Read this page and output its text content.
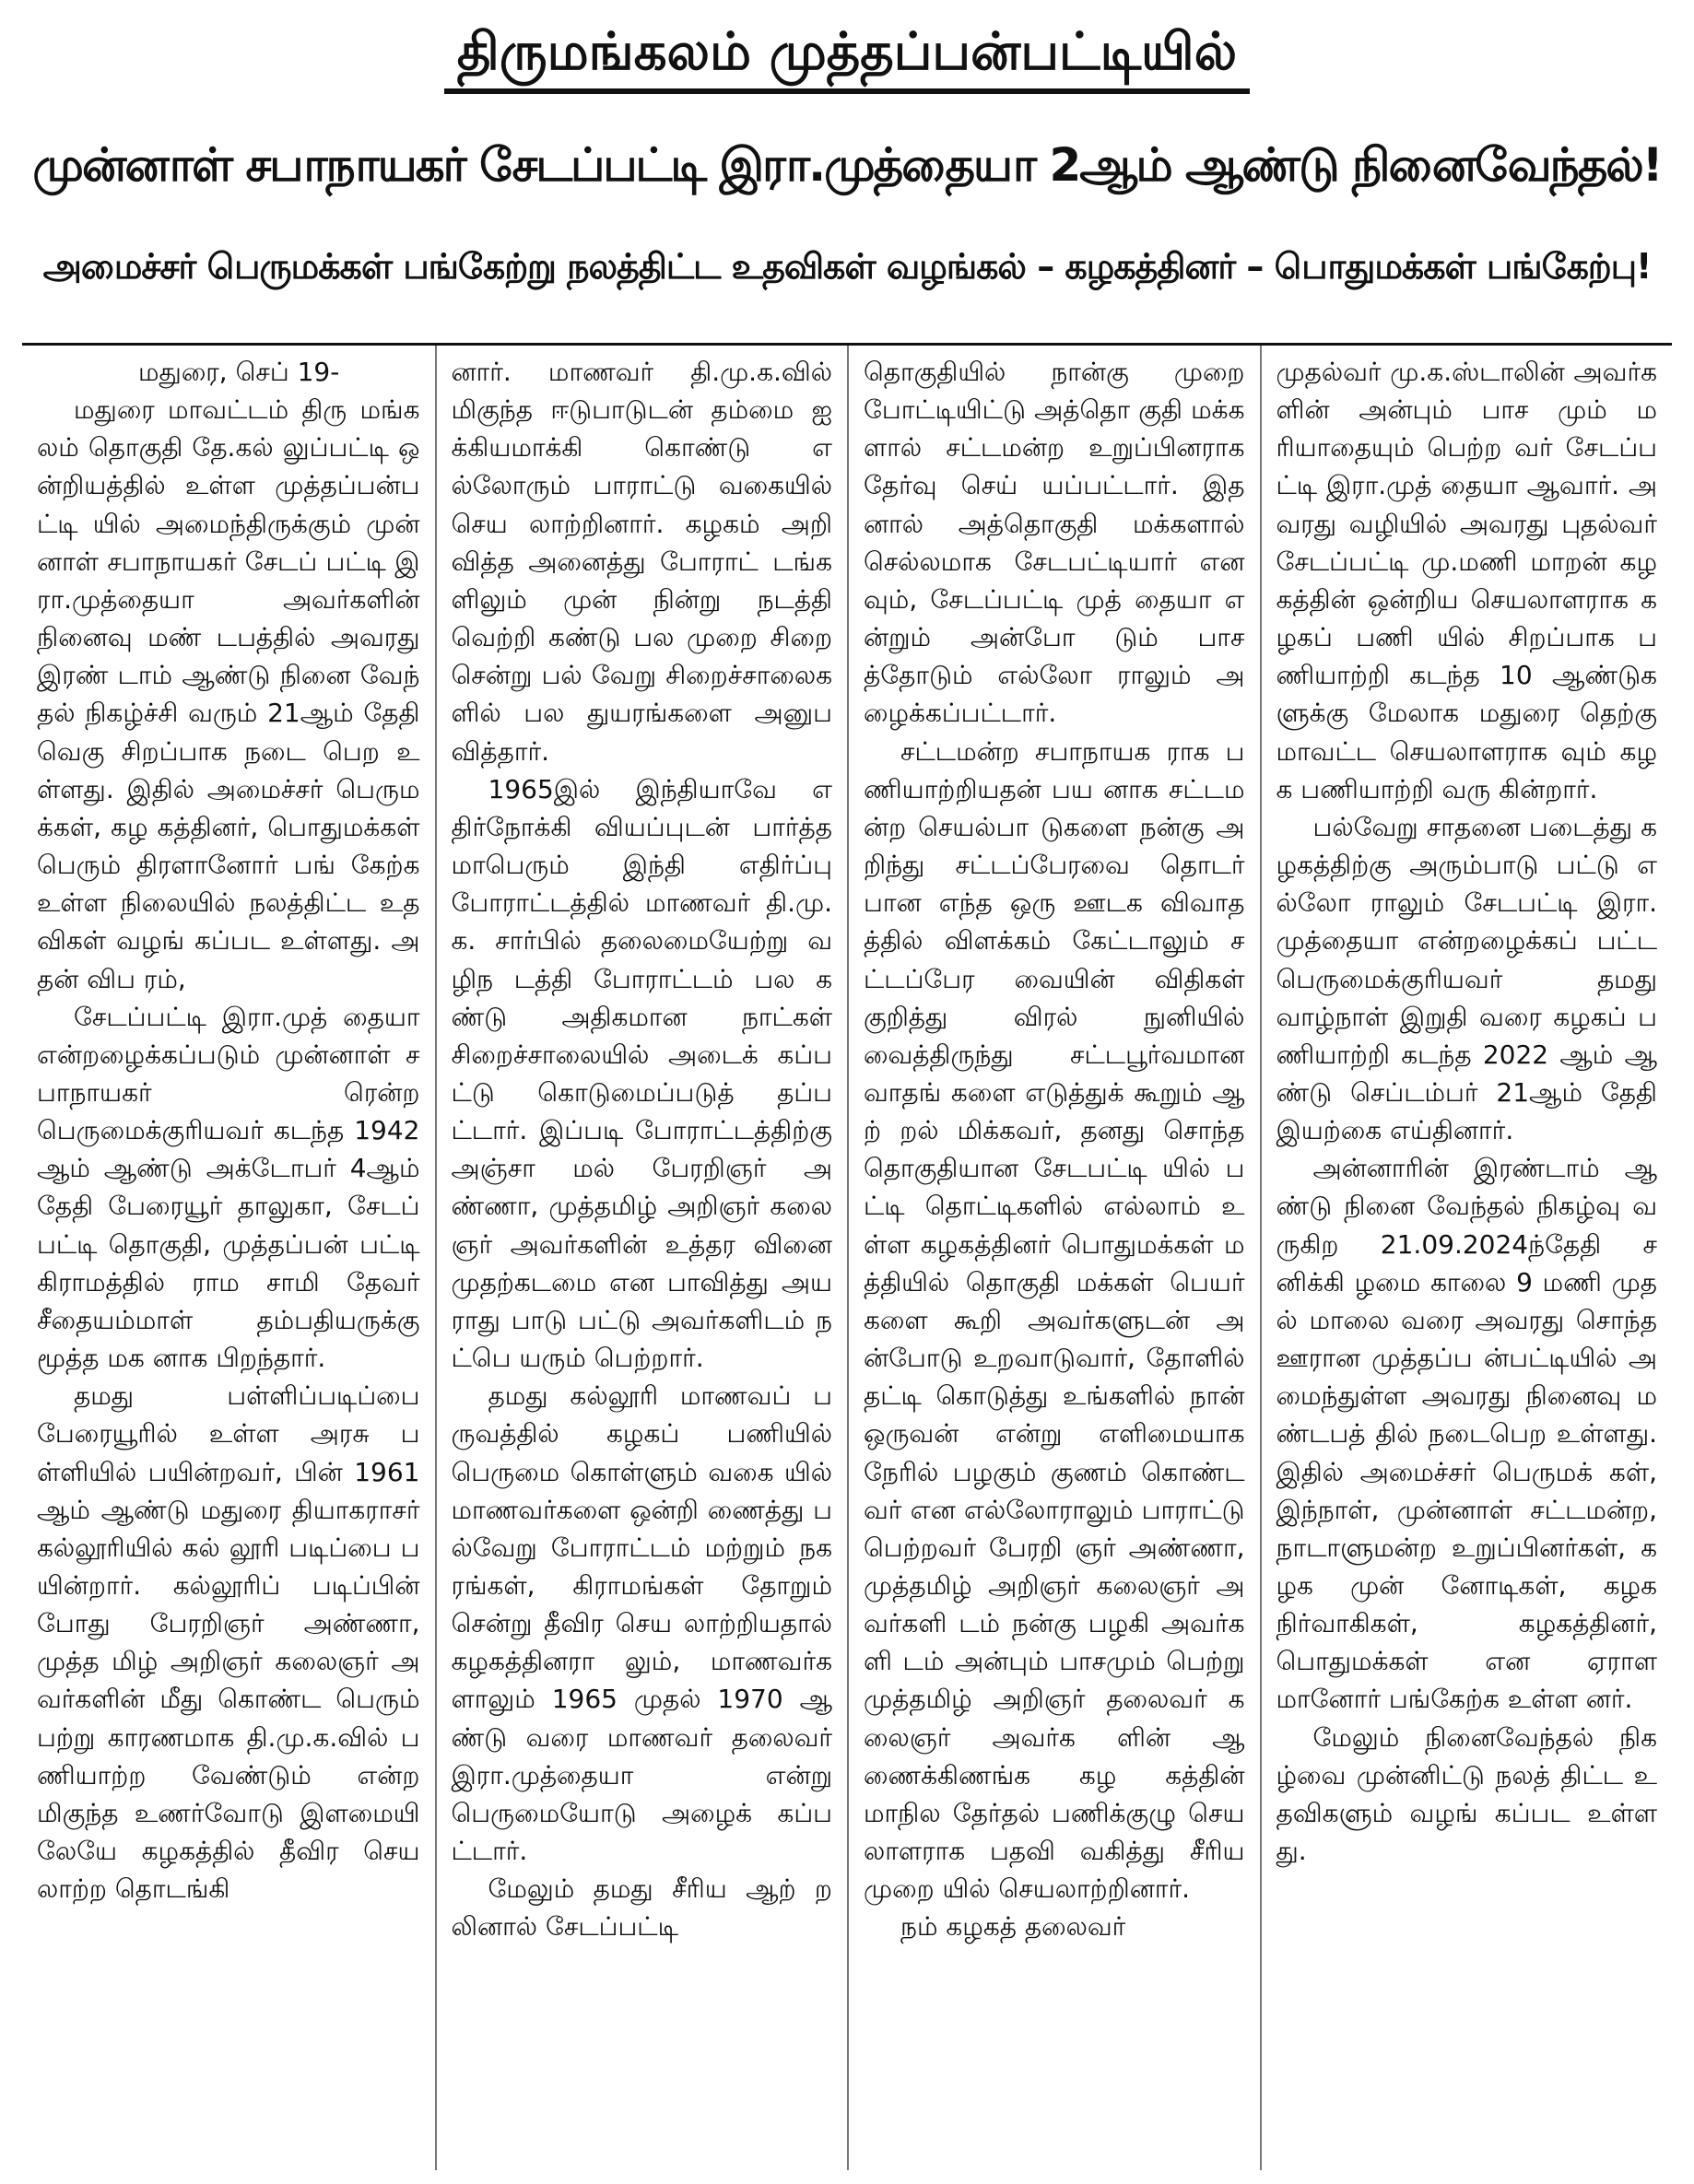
திருமங்கலம் முத்தப்பன்பட்டியில்
முன்னாள் சபாநாயகர் சேடப்பட்டி இரா.முத்தையா 2ஆம் ஆண்டு நினைவேந்தல்!
அமைச்சர் பெருமக்கள் பங்கேற்று நலத்திட்ட உதவிகள் வழங்கல் – கழகத்தினர் – பொதுமக்கள் பங்கேற்பு!

மதுரை, செப் 19-

மதுரை மாவட்டம் திரு மங்கலம் தொகுதி தே.கல் லுப்பட்டி ஒன்றியத்தில் உள்ள முத்தப்பன்பட்டி யில் அமைந்திருக்கும் முன் னாள் சபாநாயகர் சேடப் பட்டி இரா.முத்தையா அவர்களின் நினைவு மண் டபத்தில் அவரது இரண் டாம் ஆண்டு நினை வேந் தல் நிகழ்ச்சி வரும் 21ஆம் தேதி வெகு சிறப்பாக நடை பெற உள்ளது. இதில் அமைச்சர் பெருமக்கள், கழ கத்தினர், பொதுமக்கள் பெரும் திரளானோர் பங் கேற்க உள்ள நிலையில் நலத்திட்ட உதவிகள் வழங் கப்பட உள்ளது. அதன் விப ரம்,

சேடப்பட்டி இரா.முத் தையா என்றழைக்கப்படும் முன்னாள் சபாநாயகர் ரென்ற பெருமைக்குரியவர் கடந்த 1942 ஆம் ஆண்டு அக்டோபர் 4ஆம் தேதி பேரையூர் தாலுகா, சேடப் பட்டி தொகுதி, முத்தப்பன் பட்டி கிராமத்தில் ராம சாமி தேவர் சீதையம்மாள் தம்பதியருக்கு மூத்த மக னாக பிறந்தார்.

தமது பள்ளிப்படிப்பை பேரையூரில் உள்ள அரசு பள்ளியில் பயின்றவர், பின் 1961 ஆம் ஆண்டு மதுரை தியாகராசர் கல்லூரியில் கல் லூரி படிப்பை பயின்றார். கல்லூரிப் படிப்பின் போது பேரறிஞர் அண்ணா, முத்த மிழ் அறிஞர் கலைஞர் அவர்களின் மீது கொண்ட பெரும் பற்று காரணமாக தி.மு.க.வில் பணியாற்ற வேண்டும் என்ற மிகுந்த உணர்வோடு இளமையி லேயே கழகத்தில் தீவிர செயலாற்ற தொடங்கி

னார். மாணவர் தி.மு.க.வில் மிகுந்த ஈடுபாடுடன் தம்மை ஐக்கியமாக்கி கொண்டு எல்லோரும் பாராட்டு வகையில் செய லாற்றினார். கழகம் அறி வித்த அனைத்து போராட் டங்களிலும் முன் நின்று நடத்தி வெற்றி கண்டு பல முறை சிறை சென்று பல் வேறு சிறைச்சாலைகளில் பல துயரங்களை அனுப வித்தார்.

1965இல் இந்தியாவே எதிர்நோக்கி வியப்புடன் பார்த்த மாபெரும் இந்தி எதிர்ப்பு போராட்டத்தில் மாணவர் தி.மு.க. சார்பில் தலைமையேற்று வழிந டத்தி போராட்டம் பல கண்டு அதிகமான நாட்கள் சிறைச்சாலையில் அடைக் கப்பட்டு கொடுமைப்படுத் தப்பட்டார். இப்படி போராட்டத்திற்கு அஞ்சா மல் பேரறிஞர் அண்ணா, முத்தமிழ் அறிஞர் கலை ஞர் அவர்களின் உத்தர வினை முதற்கடமை என பாவித்து அயராது பாடு பட்டு அவர்களிடம் நட்பெ யரும் பெற்றார்.

தமது கல்லூரி மாணவப் பருவத்தில் கழகப் பணியில் பெருமை கொள்ளும் வகை யில் மாணவர்களை ஒன்றி ணைத்து பல்வேறு போராட்டம் மற்றும் நக ரங்கள், கிராமங்கள் தோறும் சென்று தீவிர செய லாற்றியதால் கழகத்தினரா லும், மாணவர்களாலும் 1965 முதல் 1970 ஆண்டு வரை மாணவர் தலைவர் இரா.முத்தையா என்று பெருமையோடு அழைக் கப்பட்டார்.

மேலும் தமது சீரிய ஆற் றலினால் சேடப்பட்டி

தொகுதியில் நான்கு முறை போட்டியிட்டு அத்தொ குதி மக்களால் சட்டமன்ற உறுப்பினராக தேர்வு செய் யப்பட்டார். இதனால் அத்தொகுதி மக்களால் செல்லமாக சேடபட்டியார் எனவும், சேடப்பட்டி முத் தையா என்றும் அன்போ டும் பாசத்தோடும் எல்லோ ராலும் அழைக்கப்பட்டார்.

சட்டமன்ற சபாநாயக ராக பணியாற்றியதன் பய னாக சட்டமன்ற செயல்பா டுகளை நன்கு அறிந்து சட்டப்பேரவை தொடர் பான எந்த ஒரு ஊடக விவாதத்தில் விளக்கம் கேட்டாலும் சட்டப்பேர வையின் விதிகள் குறித்து விரல் நுனியில் வைத்திருந்து சட்டபூர்வமான வாதங் களை எடுத்துக் கூறும் ஆற் றல் மிக்கவர், தனது சொந்த தொகுதியான சேடபட்டி யில் பட்டி தொட்டிகளில் எல்லாம் உள்ள கழகத்தினர் பொதுமக்கள் மத்தியில் தொகுதி மக்கள் பெயர் களை கூறி அவர்களுடன் அன்போடு உறவாடுவார், தோளில் தட்டி கொடுத்து உங்களில் நான் ஒருவன் என்று எளிமையாக நேரில் பழகும் குணம் கொண்ட வர் என எல்லோராலும் பாராட்டு பெற்றவர் பேரறி ஞர் அண்ணா, முத்தமிழ் அறிஞர் கலைஞர் அவர்களி டம் நன்கு பழகி அவர்களி டம் அன்பும் பாசமும் பெற்று முத்தமிழ் அறிஞர் தலைவர் கலைஞர் அவர்க ளின் ஆணைக்கிணங்க கழ கத்தின் மாநில தேர்தல் பணிக்குழு செயலாளராக பதவி வகித்து சீரிய முறை யில் செயலாற்றினார்.

நம் கழகத் தலைவர்

முதல்வர் மு.க.ஸ்டாலின் அவர்களின் அன்பும் பாச மும் மரியாதையும் பெற்ற வர் சேடப்பட்டி இரா.முத் தையா ஆவார். அவரது வழியில் அவரது புதல்வர் சேடப்பட்டி மு.மணி மாறன் கழகத்தின் ஒன்றிய செயலாளராக கழகப் பணி யில் சிறப்பாக பணியாற்றி கடந்த 10 ஆண்டுகளுக்கு மேலாக மதுரை தெற்கு மாவட்ட செயலாளராக வும் கழக பணியாற்றி வரு கின்றார்.

பல்வேறு சாதனை படைத்து கழகத்திற்கு அரும்பாடு பட்டு எல்லோ ராலும் சேடபட்டி இரா. முத்தையா என்றழைக்கப் பட்ட பெருமைக்குரியவர் தமது வாழ்நாள் இறுதி வரை கழகப் பணியாற்றி கடந்த 2022 ஆம் ஆண்டு செப்டம்பர் 21ஆம் தேதி இயற்கை எய்தினார்.

அன்னாரின் இரண்டாம் ஆண்டு நினை வேந்தல் நிகழ்வு வருகிற 21.09.2024ந்தேதி சனிக்கி ழமை காலை 9 மணி முதல் மாலை வரை அவரது சொந்த ஊரான முத்தப்ப ன்பட்டியில் அமைந்துள்ள அவரது நினைவு மண்டபத் தில் நடைபெற உள்ளது. இதில் அமைச்சர் பெருமக் கள், இந்நாள், முன்னாள் சட்டமன்ற, நாடாளுமன்ற உறுப்பினர்கள், கழக முன் னோடிகள், கழக நிர்வாகிகள், கழகத்தினர், பொதுமக்கள் என ஏராள மானோர் பங்கேற்க உள்ள னர்.

மேலும் நினைவேந்தல் நிகழ்வை முன்னிட்டு நலத் திட்ட உதவிகளும் வழங் கப்பட உள்ளது.
